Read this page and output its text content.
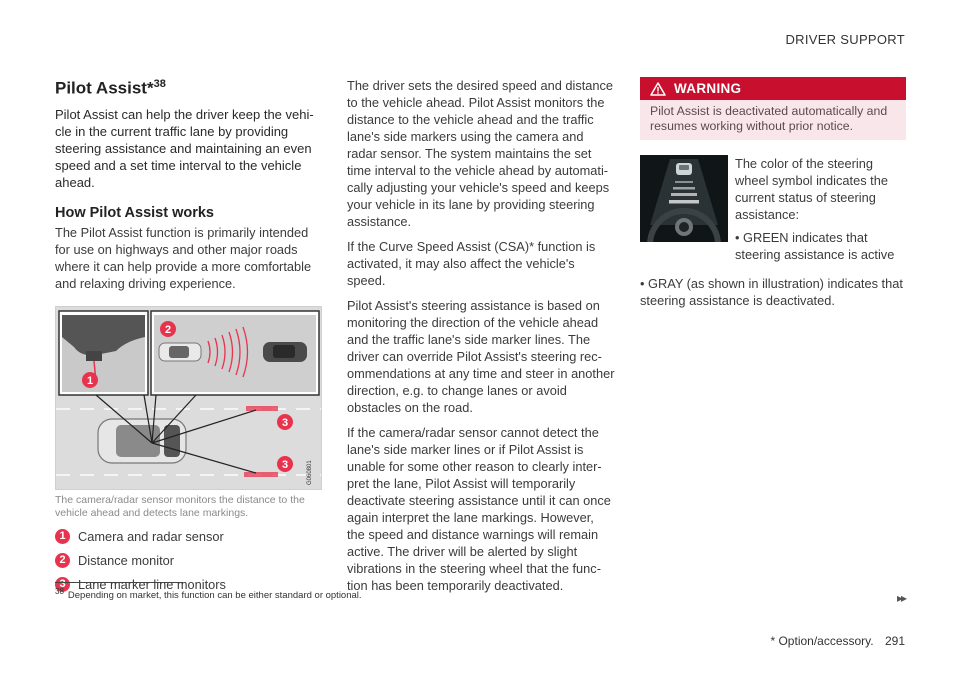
DRIVER SUPPORT
Pilot Assist*$^{38}$

Pilot Assist can help the driver keep the vehi-cle in the current traffic lane by providing steering assistance and maintaining an even speed and a set time interval to the vehicle ahead.

How Pilot Assist works

The Pilot Assist function is primarily intended for use on highways and other major roads where it can help provide a more comfortable and relaxing driving experience.

1
2
3
3	G060801
The camera/radar sensor monitors the distance to the vehicle ahead and detects lane markings.
1 Camera and radar sensor
2 Distance monitor
3 Lane marker line monitors

The driver sets the desired speed and distance to the vehicle ahead. Pilot Assist monitors the distance to the vehicle ahead and the traffic lane's side markers using the camera and radar sensor. The system maintains the set time interval to the vehicle ahead by automati-cally adjusting your vehicle's speed and keeps your vehicle in its lane by providing steering assistance.

If the Curve Speed Assist (CSA)* function is activated, it may also affect the vehicle's speed.

Pilot Assist's steering assistance is based on monitoring the direction of the vehicle ahead and the traffic lane's side marker lines. The driver can override Pilot Assist's steering rec-ommendations at any time and steer in another direction, e.g. to change lanes or avoid obstacles on the road.

If the camera/radar sensor cannot detect the lane's side marker lines or if Pilot Assist is unable for some other reason to clearly inter-pret the lane, Pilot Assist will temporarily deactivate steering assistance until it can once again interpret the lane markings. However, the speed and distance warnings will remain active. The driver will be alerted by slight vibrations in the steering wheel that the func-tion has been temporarily deactivated.

WARNING
Pilot Assist is deactivated automatically and resumes working without prior notice.

The color of the steering wheel symbol indicates the current status of steering assistance:

• GREEN indicates that steering assistance is active

• GRAY (as shown in illustration) indicates that steering assistance is deactivated.
$^{38}$ Depending on market, this function can be either standard or optional.	▸▸
* Option/accessory. 291
